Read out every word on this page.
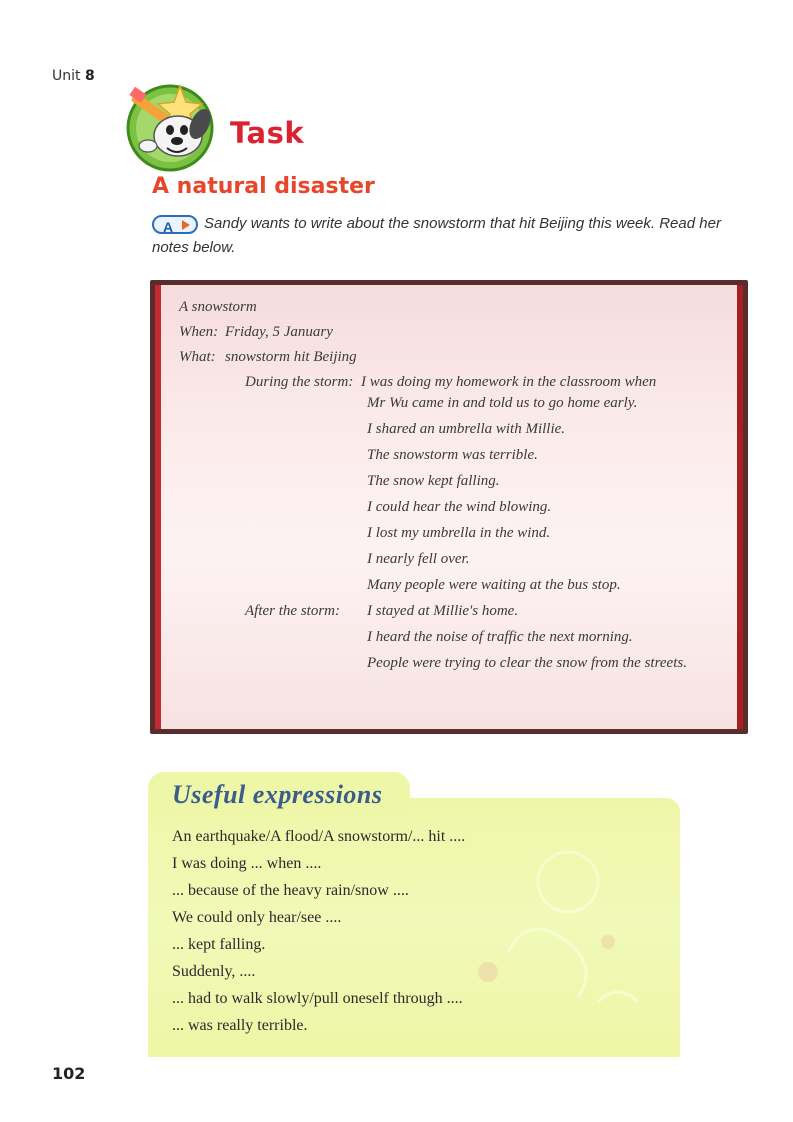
Unit 8
Task
A natural disaster
A Sandy wants to write about the snowstorm that hit Beijing this week. Read her notes below.
A snowstorm
When: Friday, 5 January
What: snowstorm hit Beijing
During the storm: I was doing my homework in the classroom when
Mr Wu came in and told us to go home early.
I shared an umbrella with Millie.
The snowstorm was terrible.
The snow kept falling.
I could hear the wind blowing.
I lost my umbrella in the wind.
I nearly fell over.
Many people were waiting at the bus stop.
After the storm: I stayed at Millie's home.
I heard the noise of traffic the next morning.
People were trying to clear the snow from the streets.
Useful expressions
An earthquake/A flood/A snowstorm/... hit ....
I was doing ... when ....
... because of the heavy rain/snow ....
We could only hear/see ....
... kept falling.
Suddenly, ....
... had to walk slowly/pull oneself through ....
... was really terrible.
102
